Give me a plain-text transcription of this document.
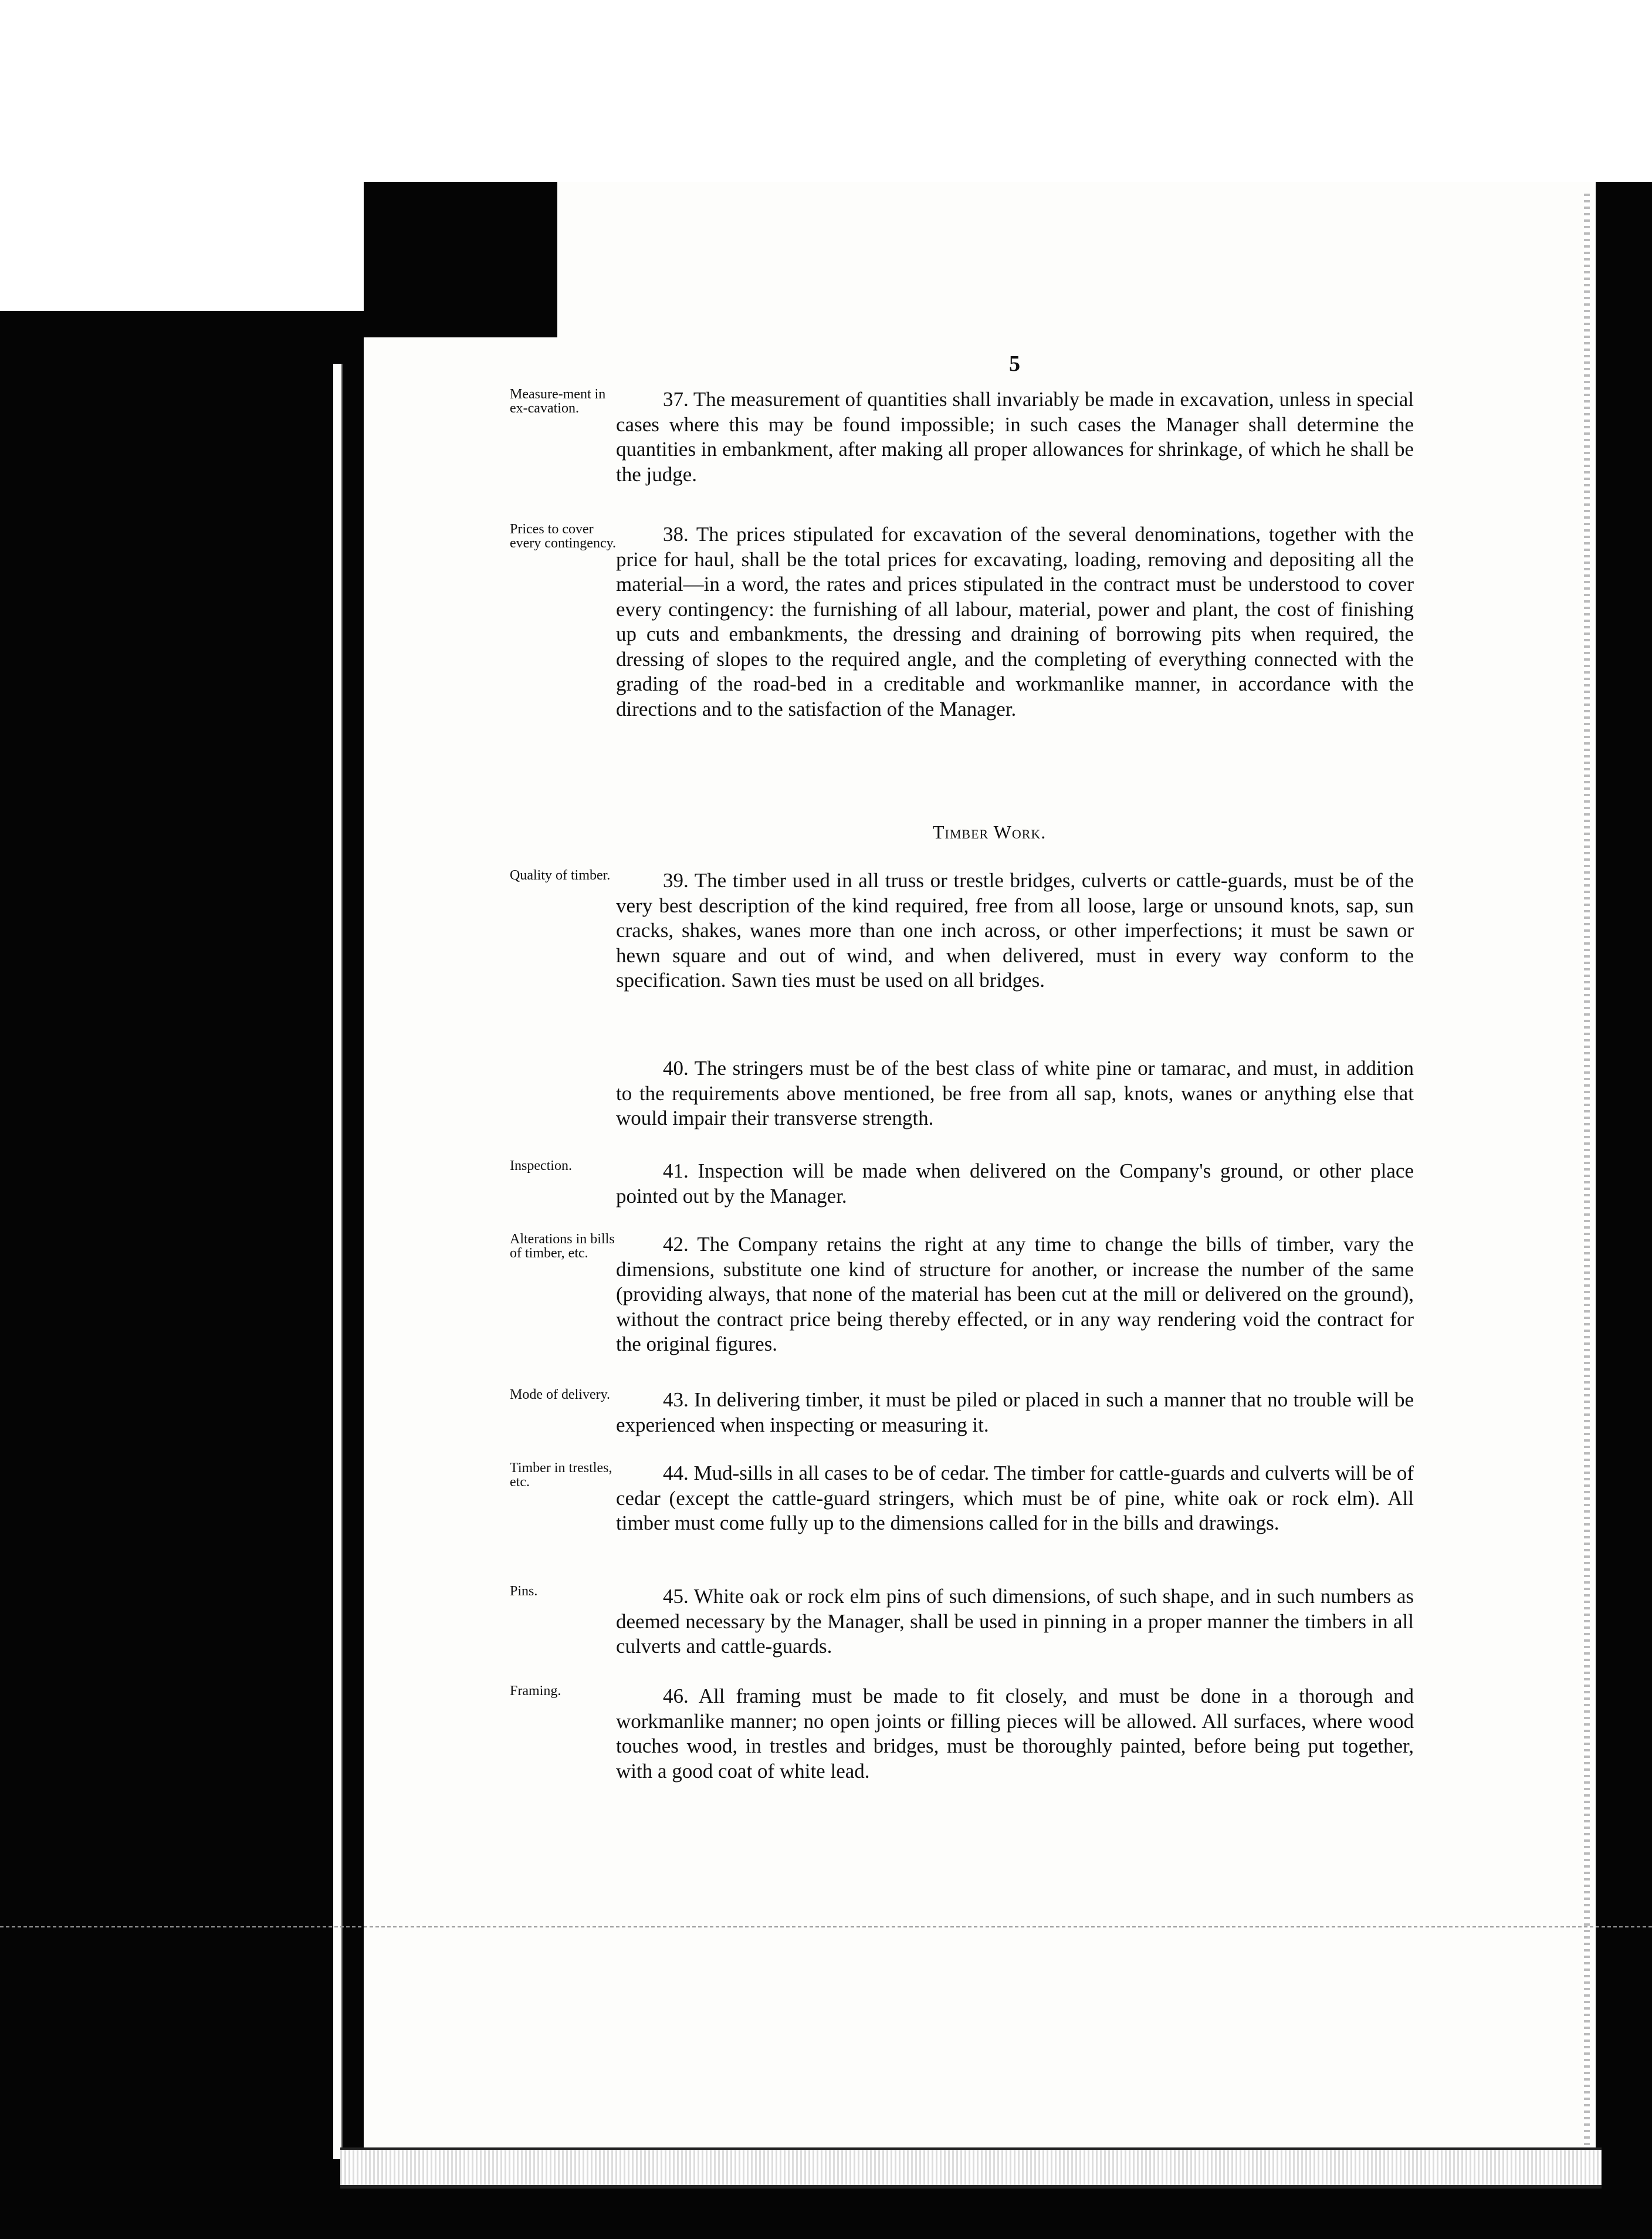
5
Measure-ment in ex-cavation.	37. The measurement of quantities shall invariably be made in excavation, unless in special cases where this may be found impossible; in such cases the Manager shall determine the quantities in embankment, after making all proper allowances for shrinkage, of which he shall be the judge.

Prices to cover every contingency.	38. The prices stipulated for excavation of the several denominations, together with the price for haul, shall be the total prices for excavating, loading, removing and depositing all the material—in a word, the rates and prices stipulated in the contract must be understood to cover every contingency: the furnishing of all labour, material, power and plant, the cost of finishing up cuts and embankments, the dressing and draining of borrowing pits when required, the dressing of slopes to the required angle, and the completing of everything connected with the grading of the road-bed in a creditable and workmanlike manner, in accordance with the directions and to the satisfaction of the Manager.

Timber Work.
Quality of timber.	39. The timber used in all truss or trestle bridges, culverts or cattle-guards, must be of the very best description of the kind required, free from all loose, large or unsound knots, sap, sun cracks, shakes, wanes more than one inch across, or other imperfections; it must be sawn or hewn square and out of wind, and when delivered, must in every way conform to the specification. Sawn ties must be used on all bridges.

40. The stringers must be of the best class of white pine or tamarac, and must, in addition to the requirements above mentioned, be free from all sap, knots, wanes or anything else that would impair their transverse strength.

Inspection.	41. Inspection will be made when delivered on the Company's ground, or other place pointed out by the Manager.

Alterations in bills of timber, etc.	42. The Company retains the right at any time to change the bills of timber, vary the dimensions, substitute one kind of structure for another, or increase the number of the same (providing always, that none of the material has been cut at the mill or delivered on the ground), without the contract price being thereby effected, or in any way rendering void the contract for the original figures.

Mode of delivery.	43. In delivering timber, it must be piled or placed in such a manner that no trouble will be experienced when inspecting or measuring it.

Timber in trestles, etc.	44. Mud-sills in all cases to be of cedar. The timber for cattle-guards and culverts will be of cedar (except the cattle-guard stringers, which must be of pine, white oak or rock elm). All timber must come fully up to the dimensions called for in the bills and drawings.

Pins.	45. White oak or rock elm pins of such dimensions, of such shape, and in such numbers as deemed necessary by the Manager, shall be used in pinning in a proper manner the timbers in all culverts and cattle-guards.

Framing.	46. All framing must be made to fit closely, and must be done in a thorough and workmanlike manner; no open joints or filling pieces will be allowed. All surfaces, where wood touches wood, in trestles and bridges, must be thoroughly painted, before being put together, with a good coat of white lead.
